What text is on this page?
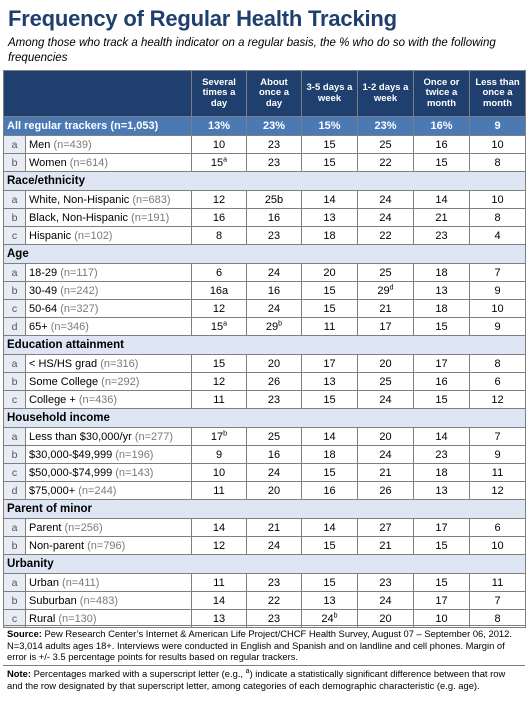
Frequency of Regular Health Tracking
Among those who track a health indicator on a regular basis, the % who do so with the following frequencies
		Several times a day	About once a day	3-5 days a week	1-2 days a week	Once or twice a month	Less than once a month
All regular trackers (n=1,053)		13%	23%	15%	23%	16%	9
a	Men (n=439)	10	23	15	25	16	10
b	Women (n=614)	15$^a$	23	15	22	15	8
Race/ethnicity							
a	White, Non-Hispanic (n=683)	12	25b	14	24	14	10
b	Black, Non-Hispanic (n=191)	16	16	13	24	21	8
c	Hispanic (n=102)	8	23	18	22	23	4
Age							
a	18-29 (n=117)	6	24	20	25	18	7
b	30-49 (n=242)	16a	16	15	29$^d$	13	9
c	50-64 (n=327)	12	24	15	21	18	10
d	65+ (n=346)	15$^a$	29$^b$	11	17	15	9
Education attainment							
a	< HS/HS grad (n=316)	15	20	17	20	17	8
b	Some College (n=292)	12	26	13	25	16	6
c	College + (n=436)	11	23	15	24	15	12
Household income							
a	Less than $30,000/yr (n=277)	17$^b$	25	14	20	14	7
b	$30,000-$49,999 (n=196)	9	16	18	24	23	9
c	$50,000-$74,999 (n=143)	10	24	15	21	18	11
d	$75,000+ (n=244)	11	20	16	26	13	12
Parent of minor							
a	Parent (n=256)	14	21	14	27	17	6
b	Non-parent (n=796)	12	24	15	21	15	10
Urbanity							
a	Urban (n=411)	11	23	15	23	15	11
b	Suburban (n=483)	14	22	13	24	17	7
c	Rural (n=130)	13	23	24$^b$	20	10	8
Source: Pew Research Center’s Internet & American Life Project/CHCF Health Survey, August 07 – September 06, 2012. N=3,014 adults ages 18+. Interviews were conducted in English and Spanish and on landline and cell phones. Margin of error is +/- 3.5 percentage points for results based on regular trackers.
Note: Percentages marked with a superscript letter (e.g., $^a$) indicate a statistically significant difference between that row and the row designated by that superscript letter, among categories of each demographic characteristic (e.g. age).
